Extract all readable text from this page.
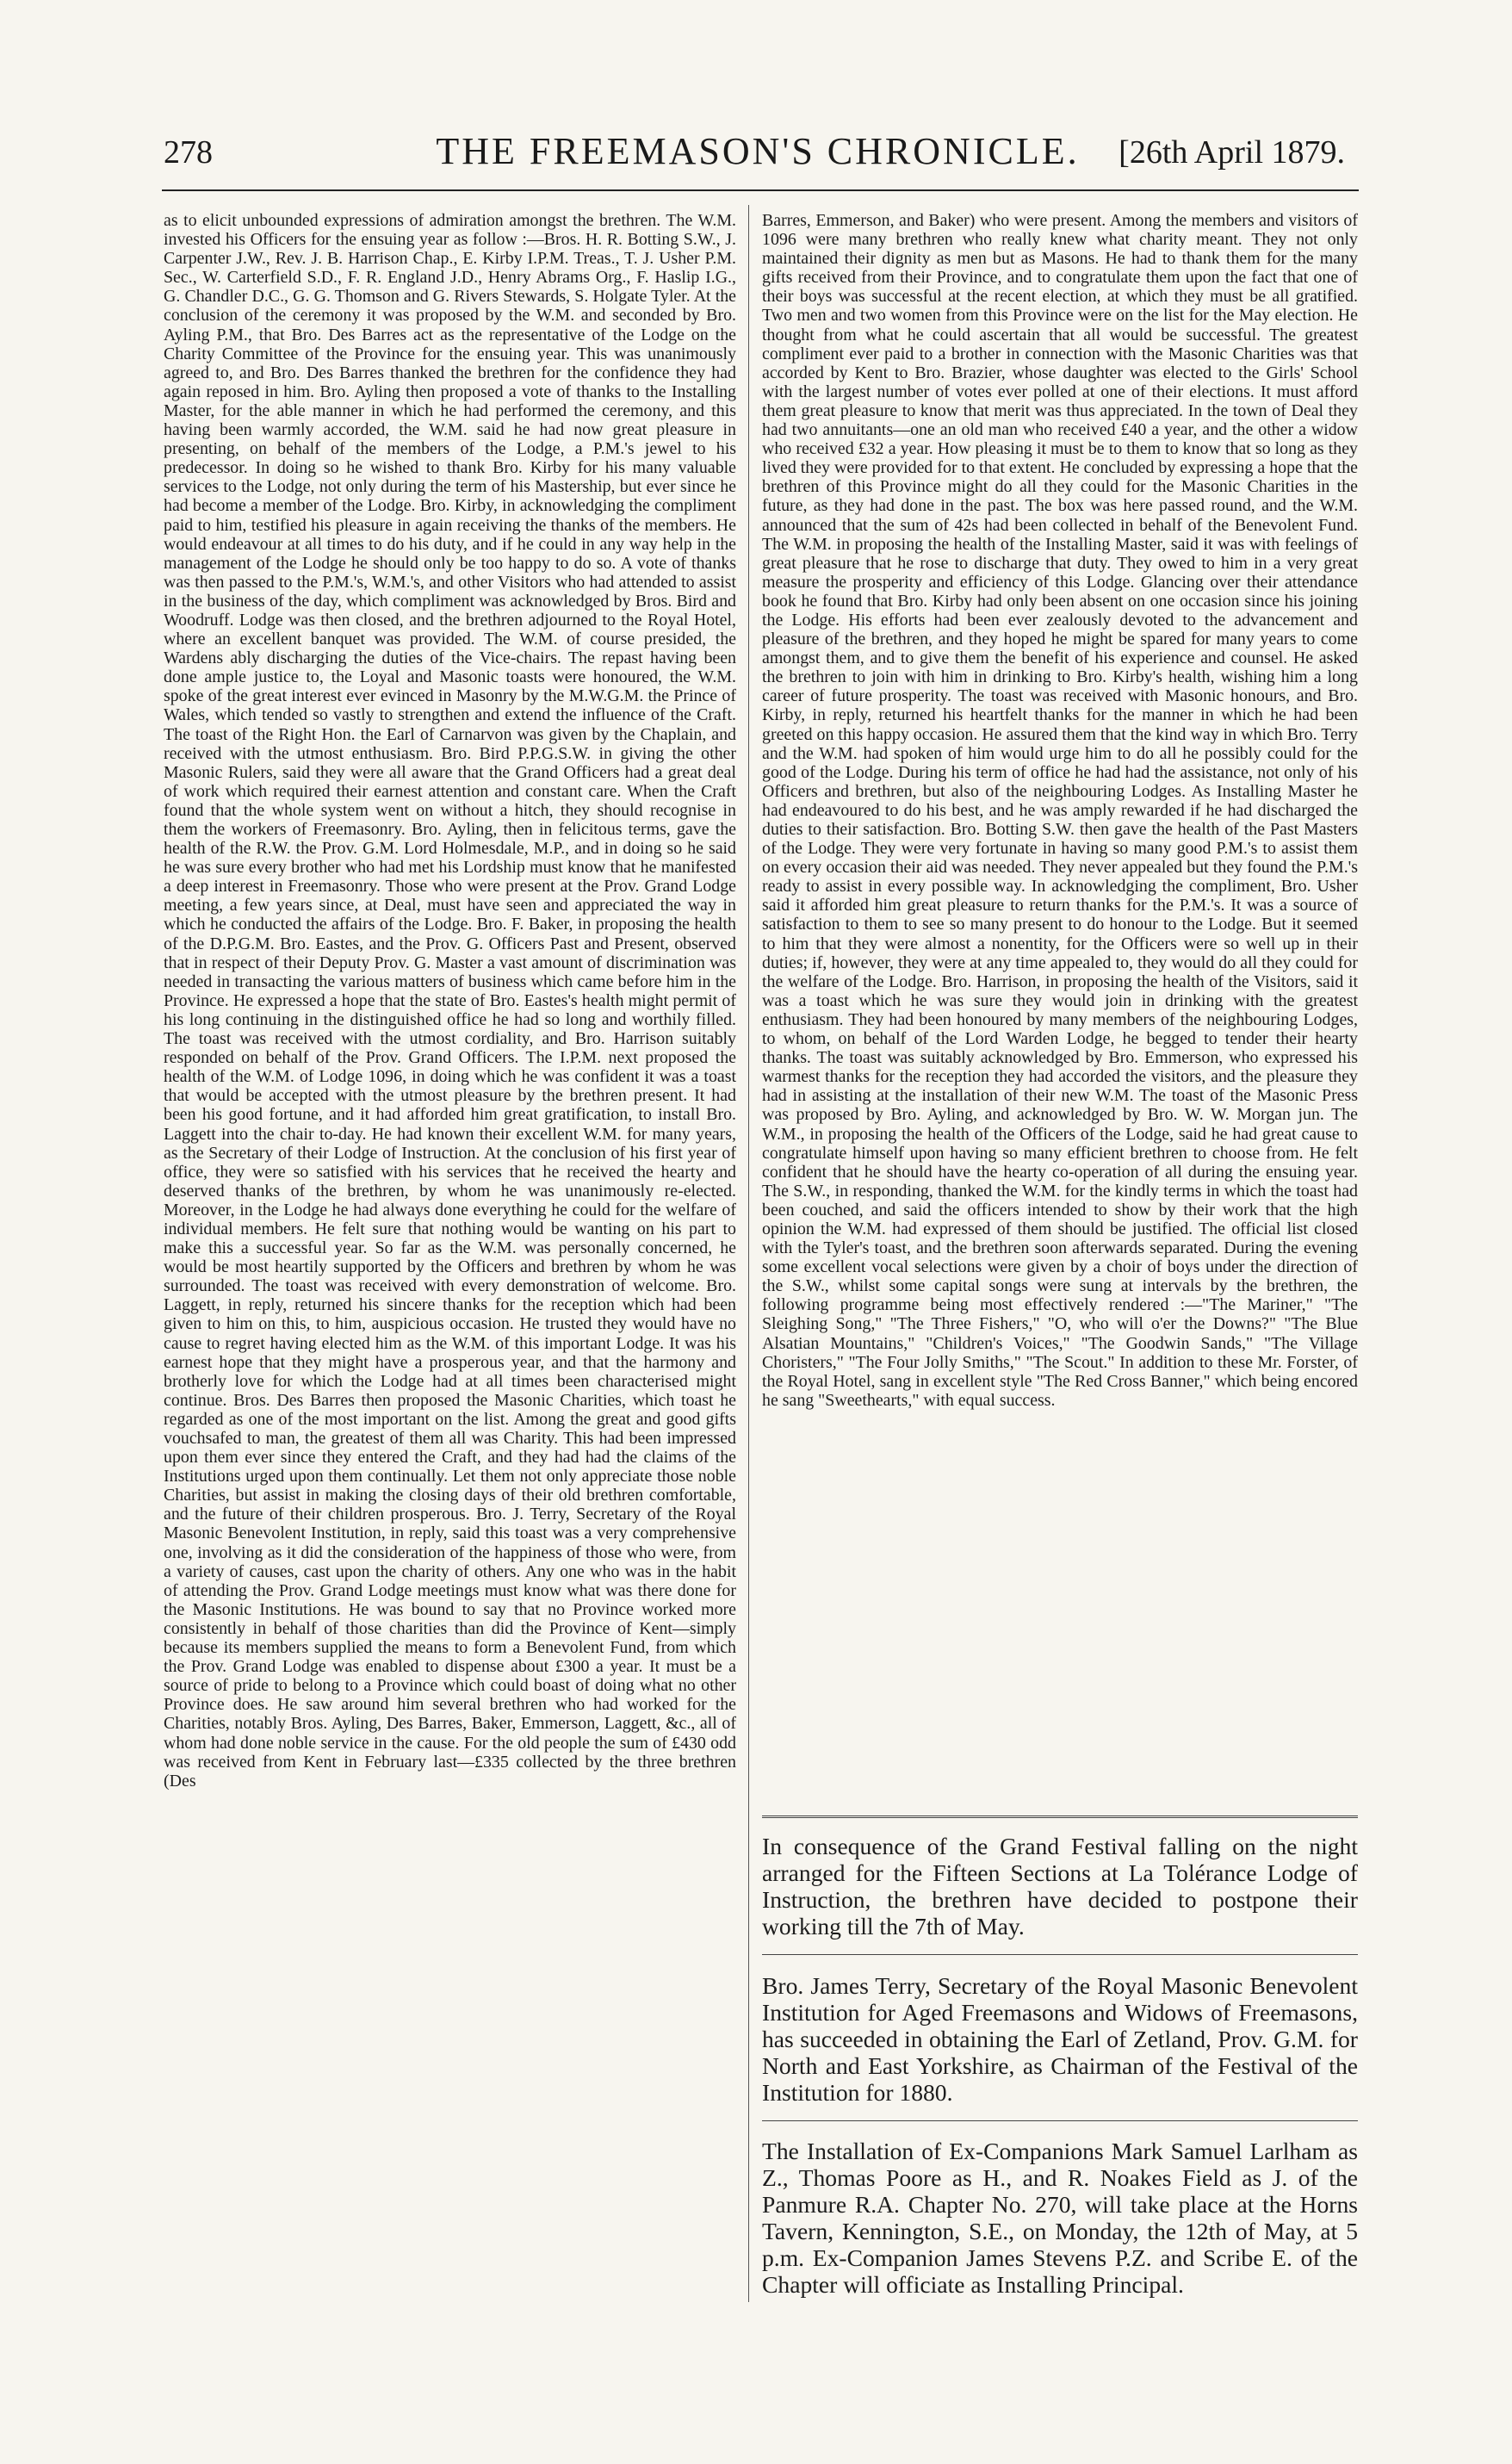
278	THE FREEMASON'S CHRONICLE.	[26th April 1879.

as to elicit unbounded expressions of admiration amongst the brethren. The W.M. invested his Officers for the ensuing year as follow :—Bros. H. R. Botting S.W., J. Carpenter J.W., Rev. J. B. Harrison Chap., E. Kirby I.P.M. Treas., T. J. Usher P.M. Sec., W. Carterfield S.D., F. R. England J.D., Henry Abrams Org., F. Haslip I.G., G. Chandler D.C., G. G. Thomson and G. Rivers Stewards, S. Holgate Tyler. At the conclusion of the ceremony it was proposed by the W.M. and seconded by Bro. Ayling P.M., that Bro. Des Barres act as the representative of the Lodge on the Charity Committee of the Province for the ensuing year. This was unanimously agreed to, and Bro. Des Barres thanked the brethren for the confidence they had again reposed in him. Bro. Ayling then proposed a vote of thanks to the Installing Master, for the able manner in which he had performed the ceremony, and this having been warmly accorded, the W.M. said he had now great pleasure in presenting, on behalf of the members of the Lodge, a P.M.'s jewel to his predecessor. In doing so he wished to thank Bro. Kirby for his many valuable services to the Lodge, not only during the term of his Mastership, but ever since he had become a member of the Lodge. Bro. Kirby, in acknowledging the compliment paid to him, testified his pleasure in again receiving the thanks of the members. He would endeavour at all times to do his duty, and if he could in any way help in the management of the Lodge he should only be too happy to do so. A vote of thanks was then passed to the P.M.'s, W.M.'s, and other Visitors who had attended to assist in the business of the day, which compliment was acknowledged by Bros. Bird and Woodruff. Lodge was then closed, and the brethren adjourned to the Royal Hotel, where an excellent banquet was provided. The W.M. of course presided, the Wardens ably discharging the duties of the Vice-chairs. The repast having been done ample justice to, the Loyal and Masonic toasts were honoured, the W.M. spoke of the great interest ever evinced in Masonry by the M.W.G.M. the Prince of Wales, which tended so vastly to strengthen and extend the influence of the Craft. The toast of the Right Hon. the Earl of Carnarvon was given by the Chaplain, and received with the utmost enthusiasm. Bro. Bird P.P.G.S.W. in giving the other Masonic Rulers, said they were all aware that the Grand Officers had a great deal of work which required their earnest attention and constant care. When the Craft found that the whole system went on without a hitch, they should recognise in them the workers of Freemasonry. Bro. Ayling, then in felicitous terms, gave the health of the R.W. the Prov. G.M. Lord Holmesdale, M.P., and in doing so he said he was sure every brother who had met his Lordship must know that he manifested a deep interest in Freemasonry. Those who were present at the Prov. Grand Lodge meeting, a few years since, at Deal, must have seen and appreciated the way in which he conducted the affairs of the Lodge. Bro. F. Baker, in proposing the health of the D.P.G.M. Bro. Eastes, and the Prov. G. Officers Past and Present, observed that in respect of their Deputy Prov. G. Master a vast amount of discrimination was needed in transacting the various matters of business which came before him in the Province. He expressed a hope that the state of Bro. Eastes's health might permit of his long continuing in the distinguished office he had so long and worthily filled. The toast was received with the utmost cordiality, and Bro. Harrison suitably responded on behalf of the Prov. Grand Officers. The I.P.M. next proposed the health of the W.M. of Lodge 1096, in doing which he was confident it was a toast that would be accepted with the utmost pleasure by the brethren present. It had been his good fortune, and it had afforded him great gratification, to install Bro. Laggett into the chair to-day. He had known their excellent W.M. for many years, as the Secretary of their Lodge of Instruction. At the conclusion of his first year of office, they were so satisfied with his services that he received the hearty and deserved thanks of the brethren, by whom he was unanimously re-elected. Moreover, in the Lodge he had always done everything he could for the welfare of individual members. He felt sure that nothing would be wanting on his part to make this a successful year. So far as the W.M. was personally concerned, he would be most heartily supported by the Officers and brethren by whom he was surrounded. The toast was received with every demonstration of welcome. Bro. Laggett, in reply, returned his sincere thanks for the reception which had been given to him on this, to him, auspicious occasion. He trusted they would have no cause to regret having elected him as the W.M. of this important Lodge. It was his earnest hope that they might have a prosperous year, and that the harmony and brotherly love for which the Lodge had at all times been characterised might continue. Bros. Des Barres then proposed the Masonic Charities, which toast he regarded as one of the most important on the list. Among the great and good gifts vouchsafed to man, the greatest of them all was Charity. This had been impressed upon them ever since they entered the Craft, and they had had the claims of the Institutions urged upon them continually. Let them not only appreciate those noble Charities, but assist in making the closing days of their old brethren comfortable, and the future of their children prosperous. Bro. J. Terry, Secretary of the Royal Masonic Benevolent Institution, in reply, said this toast was a very comprehensive one, involving as it did the consideration of the happiness of those who were, from a variety of causes, cast upon the charity of others. Any one who was in the habit of attending the Prov. Grand Lodge meetings must know what was there done for the Masonic Institutions. He was bound to say that no Province worked more consistently in behalf of those charities than did the Province of Kent—simply because its members supplied the means to form a Benevolent Fund, from which the Prov. Grand Lodge was enabled to dispense about £300 a year. It must be a source of pride to belong to a Province which could boast of doing what no other Province does. He saw around him several brethren who had worked for the Charities, notably Bros. Ayling, Des Barres, Baker, Emmerson, Laggett, &c., all of whom had done noble service in the cause. For the old people the sum of £430 odd was received from Kent in February last—£335 collected by the three brethren (Des

Barres, Emmerson, and Baker) who were present. Among the members and visitors of 1096 were many brethren who really knew what charity meant. They not only maintained their dignity as men but as Masons. He had to thank them for the many gifts received from their Province, and to congratulate them upon the fact that one of their boys was successful at the recent election, at which they must be all gratified. Two men and two women from this Province were on the list for the May election. He thought from what he could ascertain that all would be successful. The greatest compliment ever paid to a brother in connection with the Masonic Charities was that accorded by Kent to Bro. Brazier, whose daughter was elected to the Girls' School with the largest number of votes ever polled at one of their elections. It must afford them great pleasure to know that merit was thus appreciated. In the town of Deal they had two annuitants—one an old man who received £40 a year, and the other a widow who received £32 a year. How pleasing it must be to them to know that so long as they lived they were provided for to that extent. He concluded by expressing a hope that the brethren of this Province might do all they could for the Masonic Charities in the future, as they had done in the past. The box was here passed round, and the W.M. announced that the sum of 42s had been collected in behalf of the Benevolent Fund. The W.M. in proposing the health of the Installing Master, said it was with feelings of great pleasure that he rose to discharge that duty. They owed to him in a very great measure the prosperity and efficiency of this Lodge. Glancing over their attendance book he found that Bro. Kirby had only been absent on one occasion since his joining the Lodge. His efforts had been ever zealously devoted to the advancement and pleasure of the brethren, and they hoped he might be spared for many years to come amongst them, and to give them the benefit of his experience and counsel. He asked the brethren to join with him in drinking to Bro. Kirby's health, wishing him a long career of future prosperity. The toast was received with Masonic honours, and Bro. Kirby, in reply, returned his heartfelt thanks for the manner in which he had been greeted on this happy occasion. He assured them that the kind way in which Bro. Terry and the W.M. had spoken of him would urge him to do all he possibly could for the good of the Lodge. During his term of office he had had the assistance, not only of his Officers and brethren, but also of the neighbouring Lodges. As Installing Master he had endeavoured to do his best, and he was amply rewarded if he had discharged the duties to their satisfaction. Bro. Botting S.W. then gave the health of the Past Masters of the Lodge. They were very fortunate in having so many good P.M.'s to assist them on every occasion their aid was needed. They never appealed but they found the P.M.'s ready to assist in every possible way. In acknowledging the compliment, Bro. Usher said it afforded him great pleasure to return thanks for the P.M.'s. It was a source of satisfaction to them to see so many present to do honour to the Lodge. But it seemed to him that they were almost a nonentity, for the Officers were so well up in their duties; if, however, they were at any time appealed to, they would do all they could for the welfare of the Lodge. Bro. Harrison, in proposing the health of the Visitors, said it was a toast which he was sure they would join in drinking with the greatest enthusiasm. They had been honoured by many members of the neighbouring Lodges, to whom, on behalf of the Lord Warden Lodge, he begged to tender their hearty thanks. The toast was suitably acknowledged by Bro. Emmerson, who expressed his warmest thanks for the reception they had accorded the visitors, and the pleasure they had in assisting at the installation of their new W.M. The toast of the Masonic Press was proposed by Bro. Ayling, and acknowledged by Bro. W. W. Morgan jun. The W.M., in proposing the health of the Officers of the Lodge, said he had great cause to congratulate himself upon having so many efficient brethren to choose from. He felt confident that he should have the hearty co-operation of all during the ensuing year. The S.W., in responding, thanked the W.M. for the kindly terms in which the toast had been couched, and said the officers intended to show by their work that the high opinion the W.M. had expressed of them should be justified. The official list closed with the Tyler's toast, and the brethren soon afterwards separated. During the evening some excellent vocal selections were given by a choir of boys under the direction of the S.W., whilst some capital songs were sung at intervals by the brethren, the following programme being most effectively rendered :—"The Mariner," "The Sleighing Song," "The Three Fishers," "O, who will o'er the Downs?" "The Blue Alsatian Mountains," "Children's Voices," "The Goodwin Sands," "The Village Choristers," "The Four Jolly Smiths," "The Scout." In addition to these Mr. Forster, of the Royal Hotel, sang in excellent style "The Red Cross Banner," which being encored he sang "Sweethearts," with equal success.

In consequence of the Grand Festival falling on the night arranged for the Fifteen Sections at La Tolérance Lodge of Instruction, the brethren have decided to postpone their working till the 7th of May.

Bro. James Terry, Secretary of the Royal Masonic Benevolent Institution for Aged Freemasons and Widows of Freemasons, has succeeded in obtaining the Earl of Zetland, Prov. G.M. for North and East Yorkshire, as Chairman of the Festival of the Institution for 1880.

The Installation of Ex-Companions Mark Samuel Larlham as Z., Thomas Poore as H., and R. Noakes Field as J. of the Panmure R.A. Chapter No. 270, will take place at the Horns Tavern, Kennington, S.E., on Monday, the 12th of May, at 5 p.m. Ex-Companion James Stevens P.Z. and Scribe E. of the Chapter will officiate as Installing Principal.
